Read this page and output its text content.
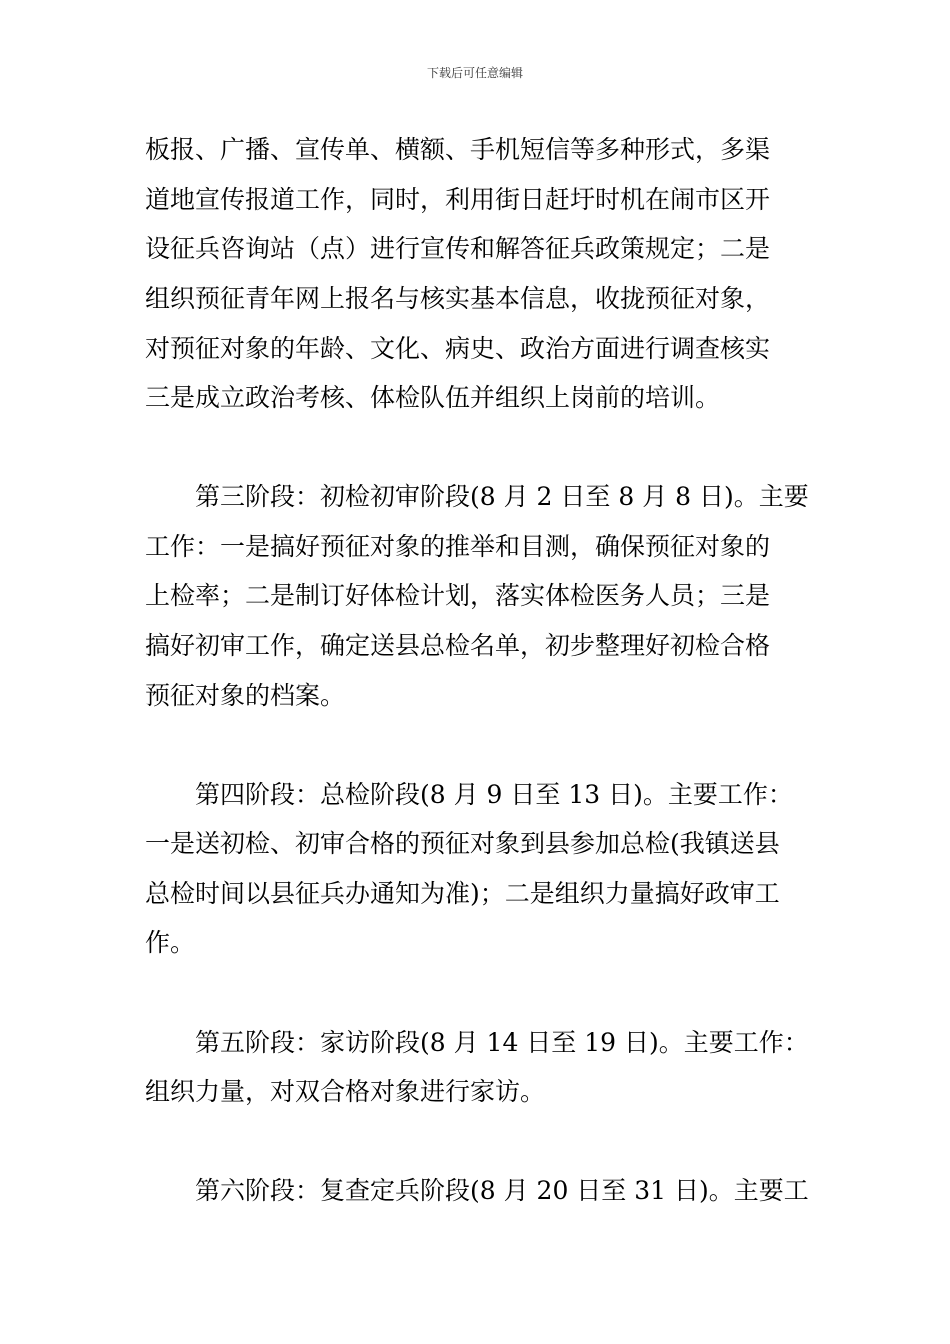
下载后可任意编辑
板报、广播、宣传单、横额、手机短信等多种形式，多渠
道地宣传报道工作，同时，利用街日赶圩时机在闹市区开
设征兵咨询站（点）进行宣传和解答征兵政策规定；二是
组织预征青年网上报名与核实基本信息，收拢预征对象，
对预征对象的年龄、文化、病史、政治方面进行调查核实
三是成立政治考核、体检队伍并组织上岗前的培训。
第三阶段：初检初审阶段(8 月 2 日至 8 月 8 日)。主要
工作：一是搞好预征对象的推举和目测，确保预征对象的
上检率；二是制订好体检计划，落实体检医务人员；三是
搞好初审工作，确定送县总检名单，初步整理好初检合格
预征对象的档案。
第四阶段：总检阶段(8 月 9 日至 13 日)。主要工作：
一是送初检、初审合格的预征对象到县参加总检(我镇送县
总检时间以县征兵办通知为准)；二是组织力量搞好政审工
作。
第五阶段：家访阶段(8 月 14 日至 19 日)。主要工作：
组织力量，对双合格对象进行家访。
第六阶段：复查定兵阶段(8 月 20 日至 31 日)。主要工
